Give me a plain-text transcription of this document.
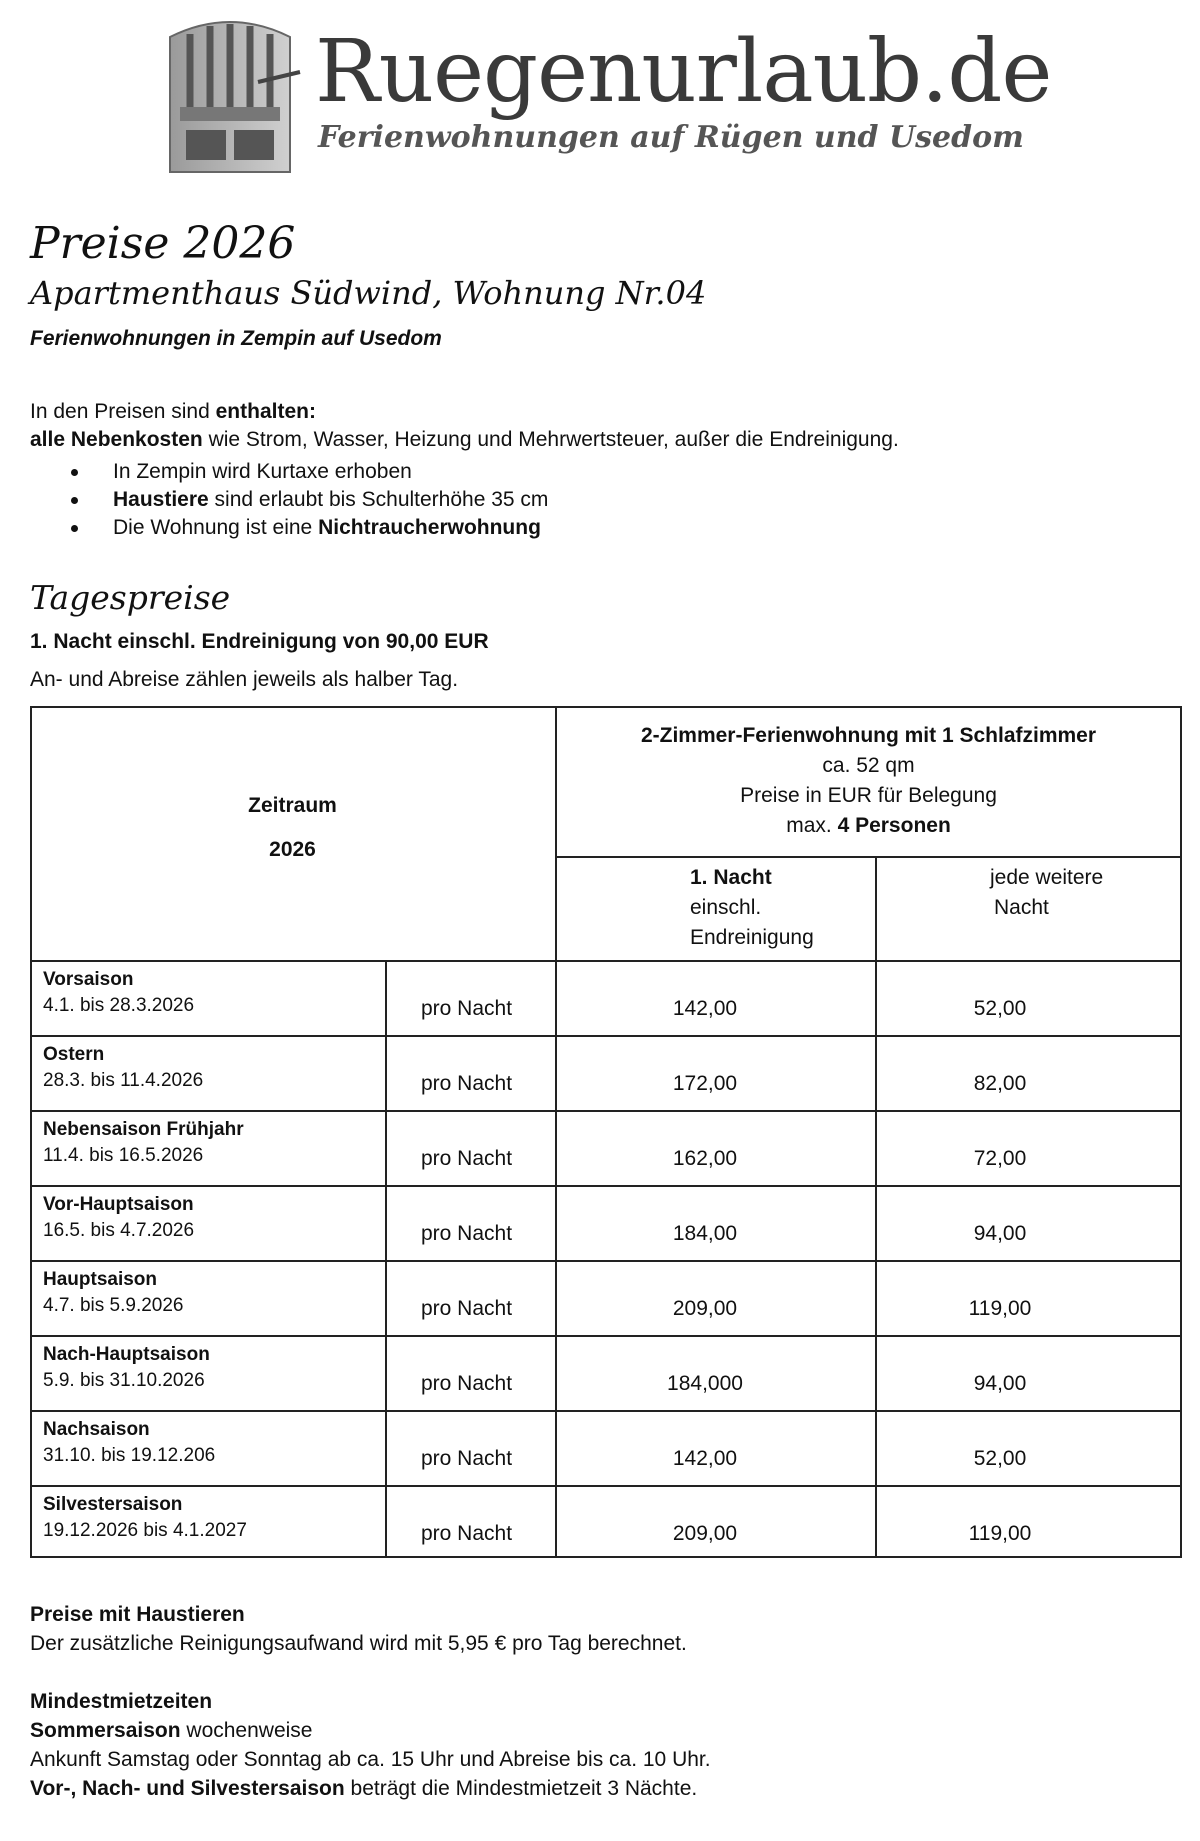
Ruegenurlaub.de
Ferienwohnungen auf Rügen und Usedom
Preise 2026
Apartmenthaus Südwind, Wohnung Nr.04
Ferienwohnungen in Zempin auf Usedom

In den Preisen sind enthalten:

alle Nebenkosten wie Strom, Wasser, Heizung und Mehrwertsteuer, außer die Endreinigung.

In Zempin wird Kurtaxe erhoben
Haustiere sind erlaubt bis Schulterhöhe 35 cm
Die Wohnung ist eine Nichtraucherwohnung
Tagespreise
1. Nacht einschl. Endreinigung von 90,00 EUR
An- und Abreise zählen jeweils als halber Tag.
Zeitraum
2026
2-Zimmer-Ferienwohnung mit 1 Schlafzimmer
ca. 52 qm
Preise in EUR für Belegung
max. 4 Personen
1. Nacht
einschl.
Endreinigung
jede weitere
Nacht
Vorsaison
4.1. bis 28.3.2026	pro Nacht	142,00	52,00
Ostern
28.3. bis 11.4.2026	pro Nacht	172,00	82,00
Nebensaison Frühjahr
11.4. bis 16.5.2026	pro Nacht	162,00	72,00
Vor-Hauptsaison
16.5. bis 4.7.2026	pro Nacht	184,00	94,00
Hauptsaison
4.7. bis 5.9.2026	pro Nacht	209,00	119,00
Nach-Hauptsaison
5.9. bis 31.10.2026	pro Nacht	184,000	94,00
Nachsaison
31.10. bis 19.12.206	pro Nacht	142,00	52,00
Silvestersaison
19.12.2026 bis 4.1.2027	pro Nacht	209,00	119,00

Preise mit Haustieren

Der zusätzliche Reinigungsaufwand wird mit 5,95 € pro Tag berechnet.

Mindestmietzeiten

Sommersaison wochenweise

Ankunft Samstag oder Sonntag ab ca. 15 Uhr und Abreise bis ca. 10 Uhr.

Vor-, Nach- und Silvestersaison beträgt die Mindestmietzeit 3 Nächte.
